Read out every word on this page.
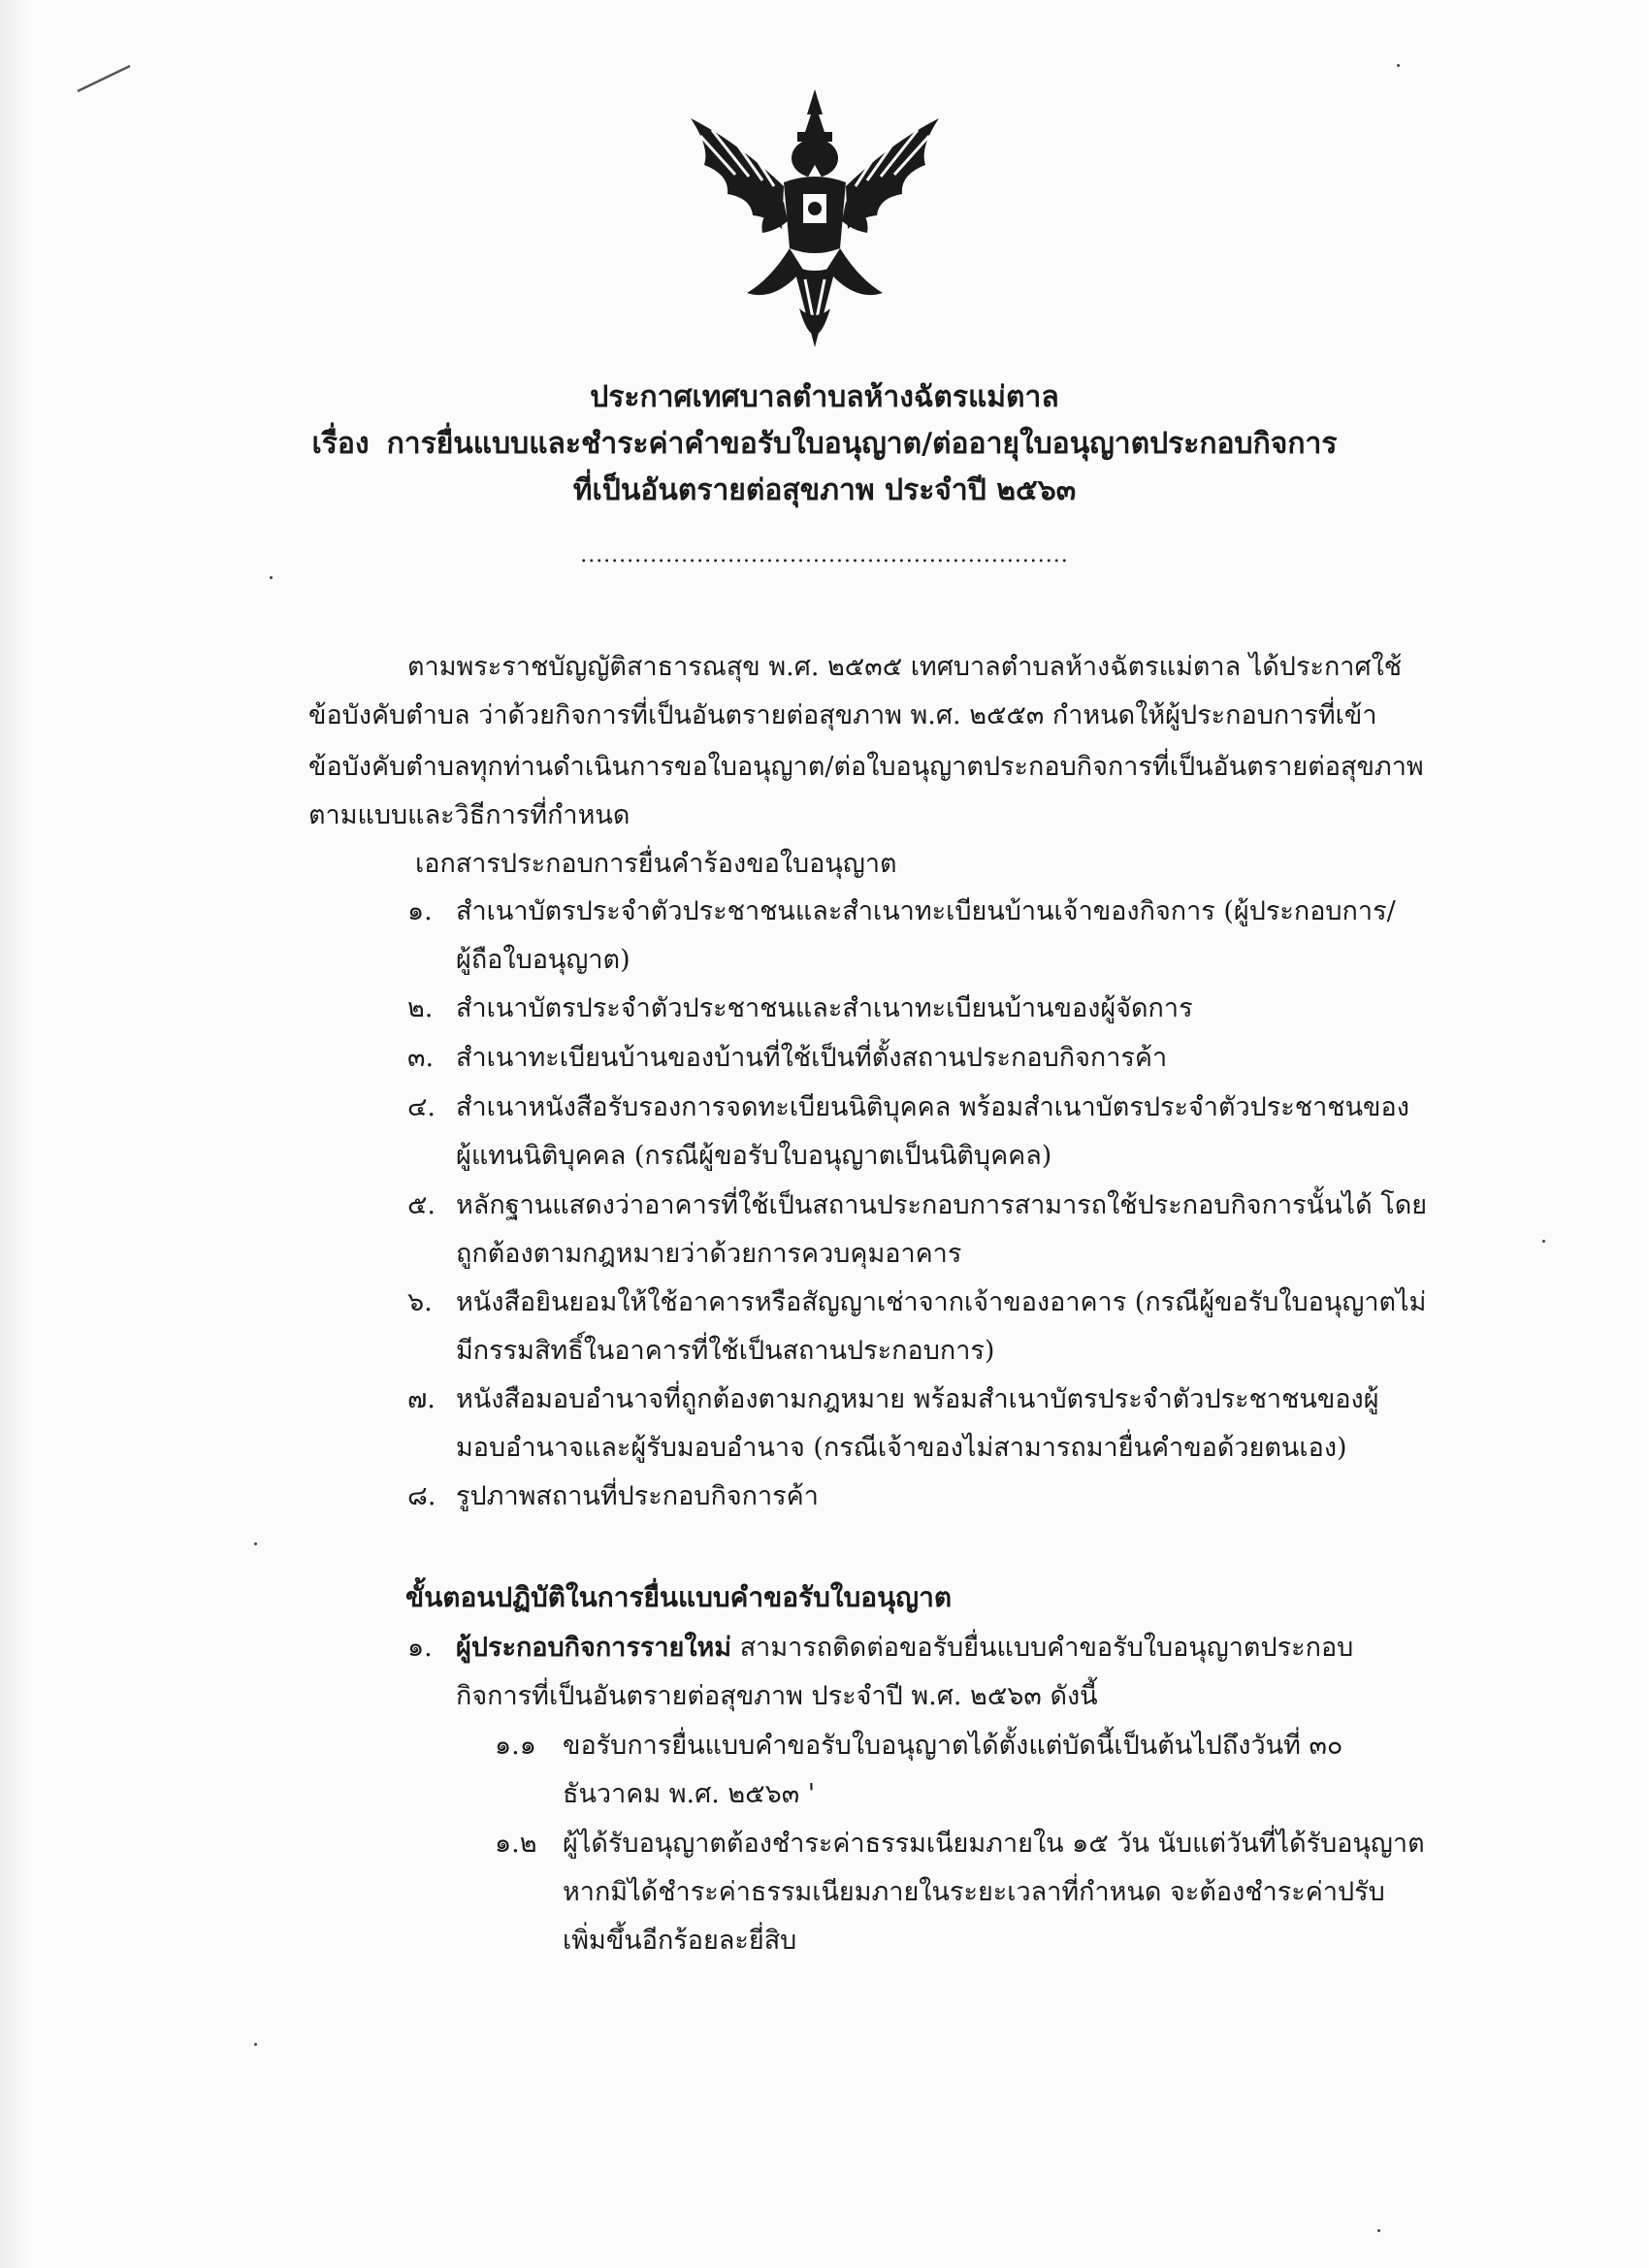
ประกาศเทศบาลตำบลห้างฉัตรแม่ตาล
เรื่อง การยื่นแบบและชำระค่าคำขอรับใบอนุญาต/ต่ออายุใบอนุญาตประกอบกิจการ
ที่เป็นอันตรายต่อสุขภาพ ประจำปี ๒๕๖๓
...............................................................
ตามพระราชบัญญัติสาธารณสุข พ.ศ. ๒๕๓๕ เทศบาลตำบลห้างฉัตรแม่ตาล ได้ประกาศใช้
ข้อบังคับตำบล ว่าด้วยกิจการที่เป็นอันตรายต่อสุขภาพ พ.ศ. ๒๕๕๓ กำหนดให้ผู้ประกอบการที่เข้า
ข้อบังคับตำบลทุกท่านดำเนินการขอใบอนุญาต/ต่อใบอนุญาตประกอบกิจการที่เป็นอันตรายต่อสุขภาพ
ตามแบบและวิธีการที่กำหนด
เอกสารประกอบการยื่นคำร้องขอใบอนุญาต
๑. สำเนาบัตรประจำตัวประชาชนและสำเนาทะเบียนบ้านเจ้าของกิจการ (ผู้ประกอบการ/
ผู้ถือใบอนุญาต)
๒. สำเนาบัตรประจำตัวประชาชนและสำเนาทะเบียนบ้านของผู้จัดการ
๓. สำเนาทะเบียนบ้านของบ้านที่ใช้เป็นที่ตั้งสถานประกอบกิจการค้า
๔. สำเนาหนังสือรับรองการจดทะเบียนนิติบุคคล พร้อมสำเนาบัตรประจำตัวประชาชนของ
ผู้แทนนิติบุคคล (กรณีผู้ขอรับใบอนุญาตเป็นนิติบุคคล)
๕. หลักฐานแสดงว่าอาคารที่ใช้เป็นสถานประกอบการสามารถใช้ประกอบกิจการนั้นได้ โดย
ถูกต้องตามกฎหมายว่าด้วยการควบคุมอาคาร
๖. หนังสือยินยอมให้ใช้อาคารหรือสัญญาเช่าจากเจ้าของอาคาร (กรณีผู้ขอรับใบอนุญาตไม่
มีกรรมสิทธิ์ในอาคารที่ใช้เป็นสถานประกอบการ)
๗. หนังสือมอบอำนาจที่ถูกต้องตามกฎหมาย พร้อมสำเนาบัตรประจำตัวประชาชนของผู้
มอบอำนาจและผู้รับมอบอำนาจ (กรณีเจ้าของไม่สามารถมายื่นคำขอด้วยตนเอง)
๘. รูปภาพสถานที่ประกอบกิจการค้า
ขั้นตอนปฏิบัติในการยื่นแบบคำขอรับใบอนุญาต
๑. ผู้ประกอบกิจการรายใหม่ สามารถติดต่อขอรับยื่นแบบคำขอรับใบอนุญาตประกอบ
กิจการที่เป็นอันตรายต่อสุขภาพ ประจำปี พ.ศ. ๒๕๖๓ ดังนี้
๑.๑ ขอรับการยื่นแบบคำขอรับใบอนุญาตได้ตั้งแต่บัดนี้เป็นต้นไปถึงวันที่ ๓๐
ธันวาคม พ.ศ. ๒๕๖๓ '
๑.๒ ผู้ได้รับอนุญาตต้องชำระค่าธรรมเนียมภายใน ๑๕ วัน นับแต่วันที่ได้รับอนุญาต
หากมิได้ชำระค่าธรรมเนียมภายในระยะเวลาที่กำหนด จะต้องชำระค่าปรับ
เพิ่มขึ้นอีกร้อยละยี่สิบ
